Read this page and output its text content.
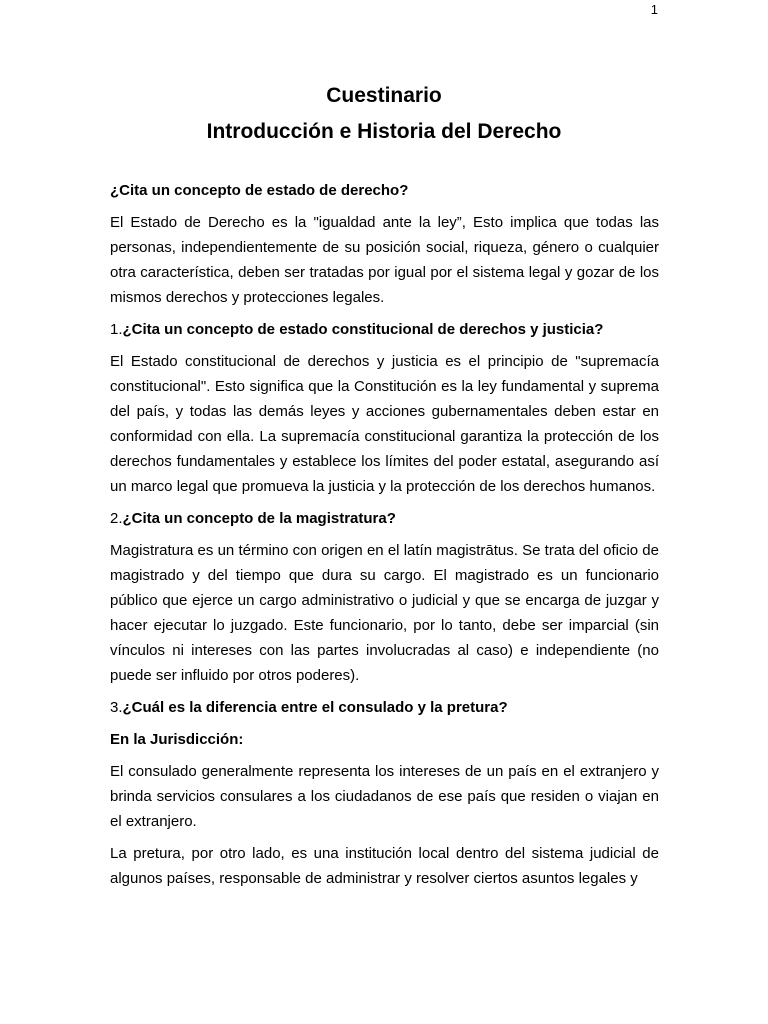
1
Cuestinario
Introducción e Historia del Derecho
¿Cita un concepto de estado de derecho?

El Estado de Derecho es la "igualdad ante la ley”, Esto implica que todas las personas, independientemente de su posición social, riqueza, género o cualquier otra característica, deben ser tratadas por igual por el sistema legal y gozar de los mismos derechos y protecciones legales.

1.¿Cita un concepto de estado constitucional de derechos y justicia?

El Estado constitucional de derechos y justicia es el principio de "supremacía constitucional". Esto significa que la Constitución es la ley fundamental y suprema del país, y todas las demás leyes y acciones gubernamentales deben estar en conformidad con ella. La supremacía constitucional garantiza la protección de los derechos fundamentales y establece los límites del poder estatal, asegurando así un marco legal que promueva la justicia y la protección de los derechos humanos.

2.¿Cita un concepto de la magistratura?

Magistratura es un término con origen en el latín magistrātus. Se trata del oficio de magistrado y del tiempo que dura su cargo. El magistrado es un funcionario público que ejerce un cargo administrativo o judicial y que se encarga de juzgar y hacer ejecutar lo juzgado. Este funcionario, por lo tanto, debe ser imparcial (sin vínculos ni intereses con las partes involucradas al caso) e independiente (no puede ser influido por otros poderes).

3.¿Cuál es la diferencia entre el consulado y la pretura?
En la Jurisdicción:

El consulado generalmente representa los intereses de un país en el extranjero y brinda servicios consulares a los ciudadanos de ese país que residen o viajan en el extranjero.

La pretura, por otro lado, es una institución local dentro del sistema judicial de algunos países, responsable de administrar y resolver ciertos asuntos legales y
